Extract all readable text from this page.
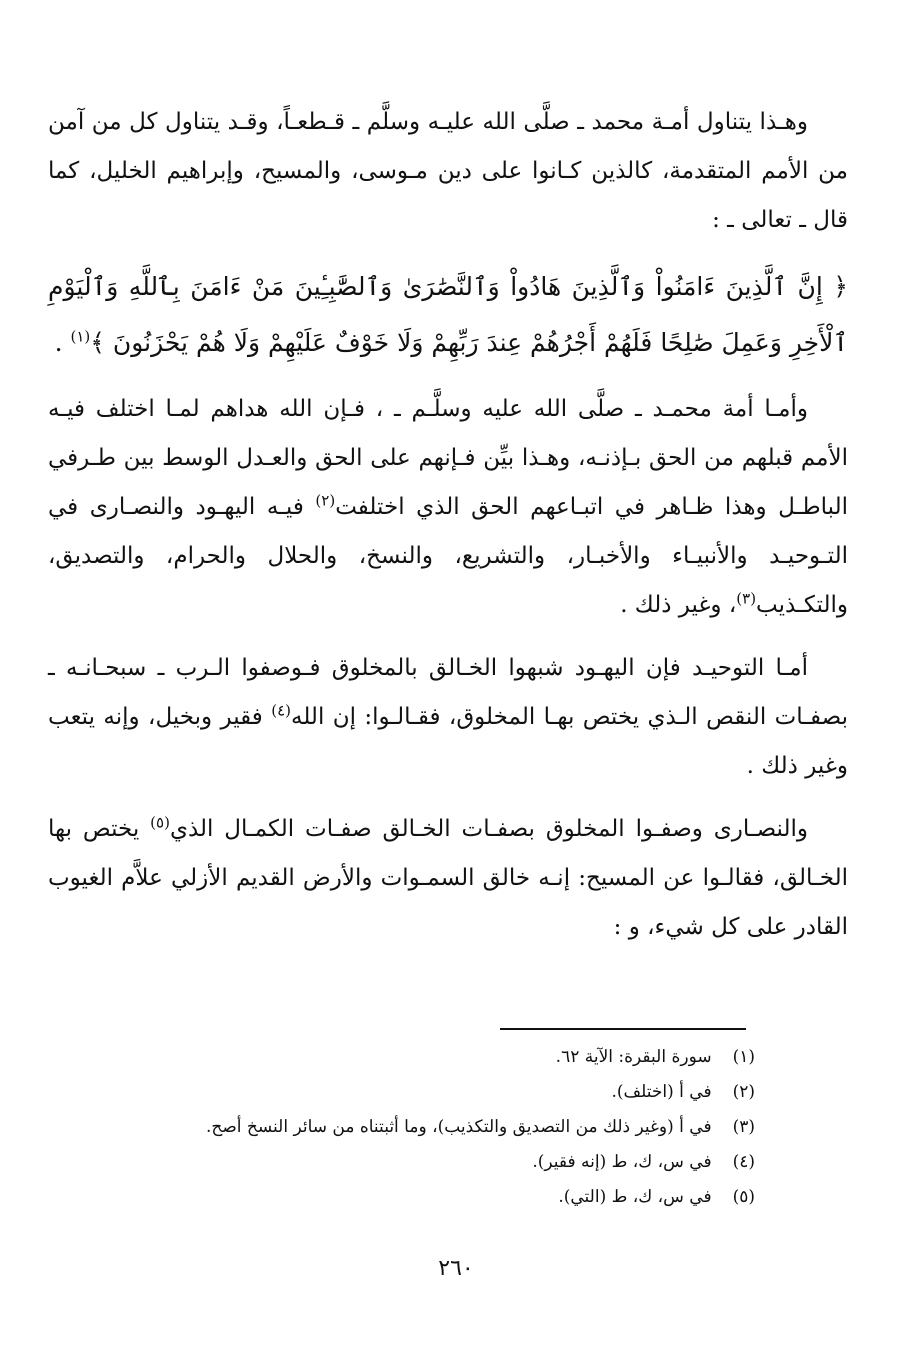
وهـذا يتناول أمـة محمد ـ صلَّى الله عليـه وسلَّم ـ قـطعـاً، وقـد يتناول كل من آمن من الأمم المتقدمة، كالذين كـانوا على دين مـوسى، والمسيح، وإبراهيم الخليل، كما قال ـ تعالى ـ :

﴿ إِنَّ ٱلَّذِينَ ءَامَنُواْ وَٱلَّذِينَ هَادُواْ وَٱلنَّصَٰرَىٰ وَٱلصَّٰبِـِٔينَ مَنْ ءَامَنَ بِٱللَّهِ وَٱلْيَوْمِ ٱلْأَخِرِ وَعَمِلَ صَٰلِحًا فَلَهُمْ أَجْرُهُمْ عِندَ رَبِّهِمْ وَلَا خَوْفٌ عَلَيْهِمْ وَلَا هُمْ يَحْزَنُونَ ﴾$^{(١)}$ .

وأمـا أمة محمـد ـ صلَّى الله عليه وسلَّـم ـ ، فـإن الله هداهم لمـا اختلف فيـه الأمم قبلهم من الحق بـإذنـه، وهـذا بيِّن فـإنهم على الحق والعـدل الوسط بين طـرفي الباطـل وهذا ظـاهر في اتبـاعهم الحق الذي اختلفت$^{(٢)}$ فيـه اليهـود والنصـارى في التـوحيـد والأنبيـاء والأخبـار، والتشريع، والنسخ، والحلال والحرام، والتصديق، والتكـذيب$^{(٣)}$، وغير ذلك .

أمـا التوحيـد فإن اليهـود شبهوا الخـالق بالمخلوق فـوصفوا الـرب ـ سبحـانـه ـ بصفـات النقص الـذي يختص بهـا المخلوق، فقـالـوا: إن الله$^{(٤)}$ فقير وبخيل، وإنه يتعب وغير ذلك .

والنصـارى وصفـوا المخلوق بصفـات الخـالق صفـات الكمـال الذي$^{(٥)}$ يختص بها الخـالق، فقالـوا عن المسيح: إنـه خالق السمـوات والأرض القديم الأزلي علاَّم الغيوب القادر على كل شيء، و :

(١) سورة البقرة: الآية ٦٢.
(٢) في أ (اختلف).
(٣) في أ (وغير ذلك من التصديق والتكذيب)، وما أثبتناه من سائر النسخ أصح.
(٤) في س، ك، ط (إنه فقير).
(٥) في س، ك، ط (التي).
٢٦٠
